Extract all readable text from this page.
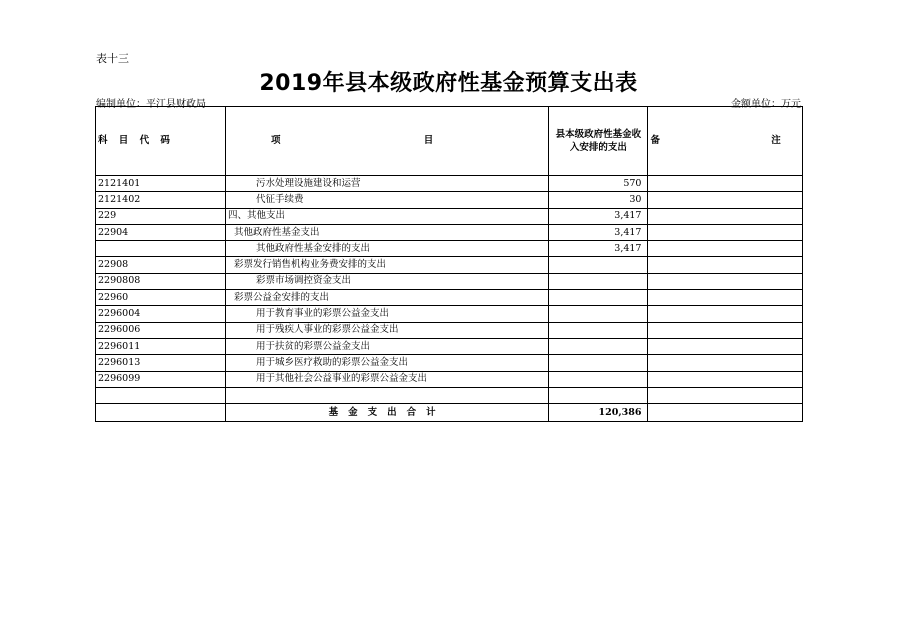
表十三
2019年县本级政府性基金预算支出表
编制单位：平江县财政局	金额单位：万元
科 目 代 码	项 目	县本级政府性基金收入安排的支出	备 注
2121401	污水处理设施建设和运营	570	
2121402	代征手续费	30	
229	四、其他支出	3,417	
22904	其他政府性基金支出	3,417	
	其他政府性基金安排的支出	3,417	
22908	彩票发行销售机构业务费安排的支出		
2290808	彩票市场调控资金支出		
22960	彩票公益金安排的支出		
2296004	用于教育事业的彩票公益金支出		
2296006	用于残疾人事业的彩票公益金支出		
2296011	用于扶贫的彩票公益金支出		
2296013	用于城乡医疗救助的彩票公益金支出		
2296099	用于其他社会公益事业的彩票公益金支出		

	基金支出合计	120,386	
